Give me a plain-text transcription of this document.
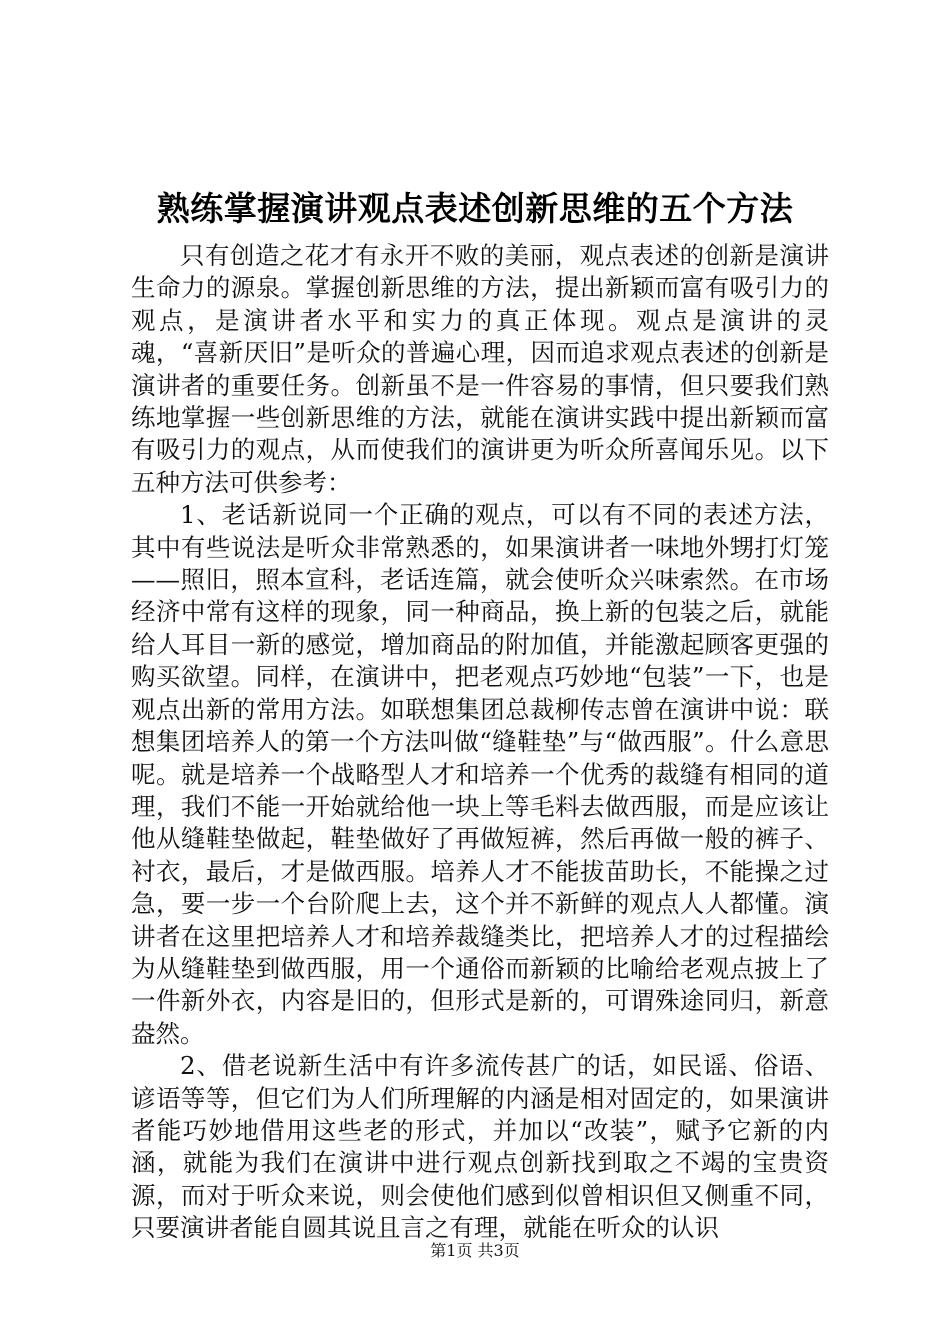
熟练掌握演讲观点表述创新思维的五个方法

只有创造之花才有永开不败的美丽，观点表述的创新是演讲生命力的源泉。掌握创新思维的方法，提出新颖而富有吸引力的观点，是演讲者水平和实力的真正体现。观点是演讲的灵魂，“喜新厌旧”是听众的普遍心理，因而追求观点表述的创新是演讲者的重要任务。创新虽不是一件容易的事情，但只要我们熟练地掌握一些创新思维的方法，就能在演讲实践中提出新颖而富有吸引力的观点，从而使我们的演讲更为听众所喜闻乐见。以下五种方法可供参考：

1、老话新说同一个正确的观点，可以有不同的表述方法，其中有些说法是听众非常熟悉的，如果演讲者一味地外甥打灯笼——照旧，照本宣科，老话连篇，就会使听众兴味索然。在市场经济中常有这样的现象，同一种商品，换上新的包装之后，就能给人耳目一新的感觉，增加商品的附加值，并能激起顾客更强的购买欲望。同样，在演讲中，把老观点巧妙地“包装”一下，也是观点出新的常用方法。如联想集团总裁柳传志曾在演讲中说：联想集团培养人的第一个方法叫做“缝鞋垫”与“做西服”。什么意思呢。就是培养一个战略型人才和培养一个优秀的裁缝有相同的道理，我们不能一开始就给他一块上等毛料去做西服，而是应该让他从缝鞋垫做起，鞋垫做好了再做短裤，然后再做一般的裤子、衬衣，最后，才是做西服。培养人才不能拔苗助长，不能操之过急，要一步一个台阶爬上去，这个并不新鲜的观点人人都懂。演讲者在这里把培养人才和培养裁缝类比，把培养人才的过程描绘为从缝鞋垫到做西服，用一个通俗而新颖的比喻给老观点披上了一件新外衣，内容是旧的，但形式是新的，可谓殊途同归，新意盎然。

2、借老说新生活中有许多流传甚广的话，如民谣、俗语、谚语等等，但它们为人们所理解的内涵是相对固定的，如果演讲者能巧妙地借用这些老的形式，并加以“改装”，赋予它新的内涵，就能为我们在演讲中进行观点创新找到取之不竭的宝贵资源，而对于听众来说，则会使他们感到似曾相识但又侧重不同，只要演讲者能自圆其说且言之有理，就能在听众的认识

第1页 共3页
